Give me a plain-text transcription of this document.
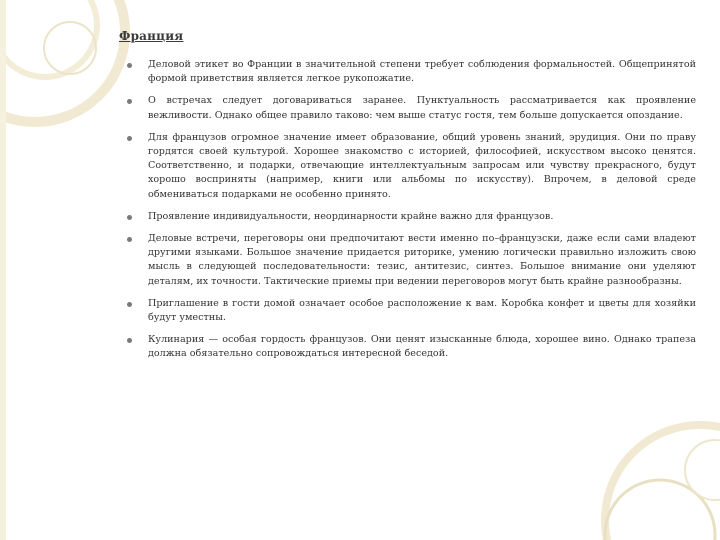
Франция
Деловой этикет во Франции в значительной степени требует соблюдения формальностей. Общепринятой формой приветствия является легкое рукопожатие.
О встречах следует договариваться заранее. Пунктуальность рассматривается как проявление вежливости. Однако общее правило таково: чем выше статус гостя, тем больше допускается опоздание.
Для французов огромное значение имеет образование, общий уровень знаний, эрудиция. Они по праву гордятся своей культурой. Хорошее знакомство с историей, философией, искусством высоко ценятся. Соответственно, и подарки, отвечающие интеллектуальным запросам или чувству прекрасного, будут хорошо восприняты (например, книги или альбомы по искусству). Впрочем, в деловой среде обмениваться подарками не особенно принято.
Проявление индивидуальности, неординарности крайне важно для французов.
Деловые встречи, переговоры они предпочитают вести именно по–французски, даже если сами владеют другими языками. Большое значение придается риторике, умению логически правильно изложить свою мысль в следующей последовательности: тезис, антитезис, синтез. Большое внимание они уделяют деталям, их точности. Тактические приемы при ведении переговоров могут быть крайне разнообразны.
Приглашение в гости домой означает особое расположение к вам. Коробка конфет и цветы для хозяйки будут уместны.
Кулинария — особая гордость французов. Они ценят изысканные блюда, хорошее вино. Однако трапеза должна обязательно сопровождаться интересной беседой.
